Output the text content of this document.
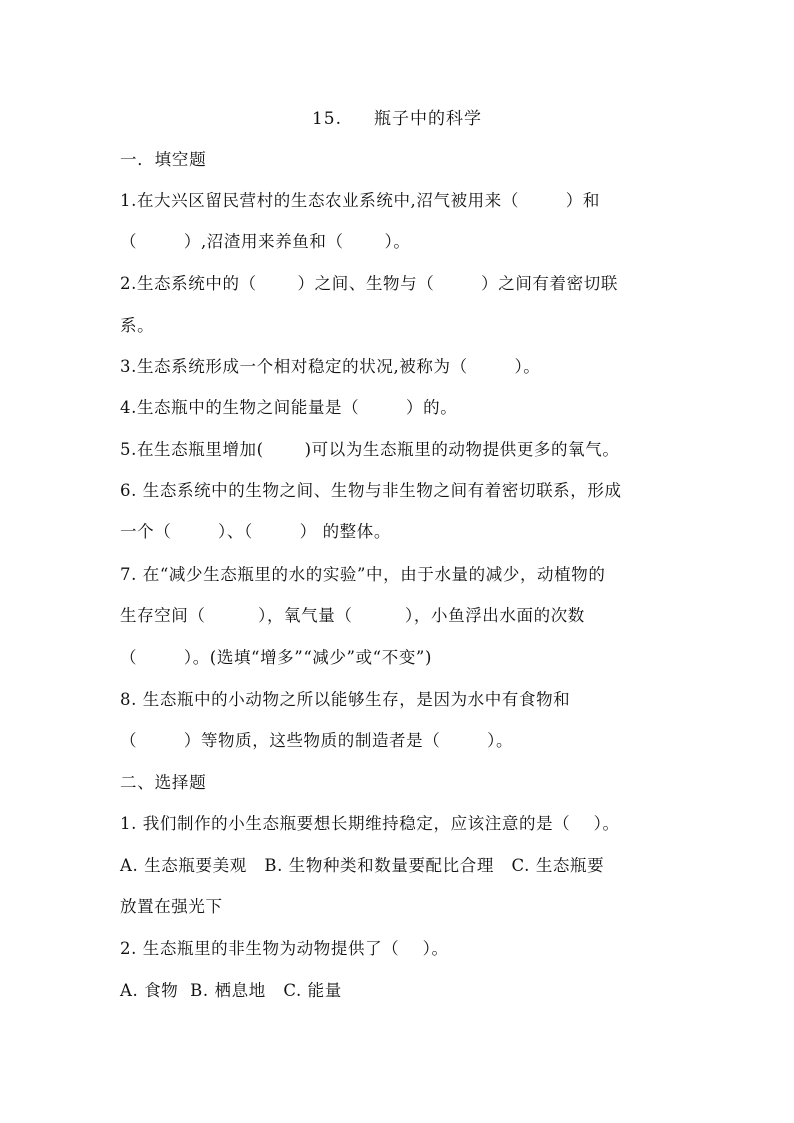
15.     瓶子中的科学
一．填空题
1.在大兴区留民营村的生态农业系统中,沼气被用来（        ）和
（        ）,沼渣用来养鱼和（       ）。
2.生态系统中的（       ）之间、生物与（        ）之间有着密切联
系。
3.生态系统形成一个相对稳定的状况,被称为（        ）。
4.生态瓶中的生物之间能量是（        ）的。
5.在生态瓶里增加(       )可以为生态瓶里的动物提供更多的氧气。
6. 生态系统中的生物之间、生物与非生物之间有着密切联系，形成
一个（        ）、（        ） 的整体。
7. 在“减少生态瓶里的水的实验”中，由于水量的减少，动植物的
生存空间（         ），氧气量（         ），小鱼浮出水面的次数
（        ）。(选填“增多”“减少”或“不变”)
8. 生态瓶中的小动物之所以能够生存，是因为水中有食物和
（        ）等物质，这些物质的制造者是（        ）。
二、选择题
1. 我们制作的小生态瓶要想长期维持稳定，应该注意的是（    ）。
A. 生态瓶要美观   B. 生物种类和数量要配比合理   C. 生态瓶要
放置在强光下
2. 生态瓶里的非生物为动物提供了（    ）。
A. 食物  B. 栖息地   C. 能量
